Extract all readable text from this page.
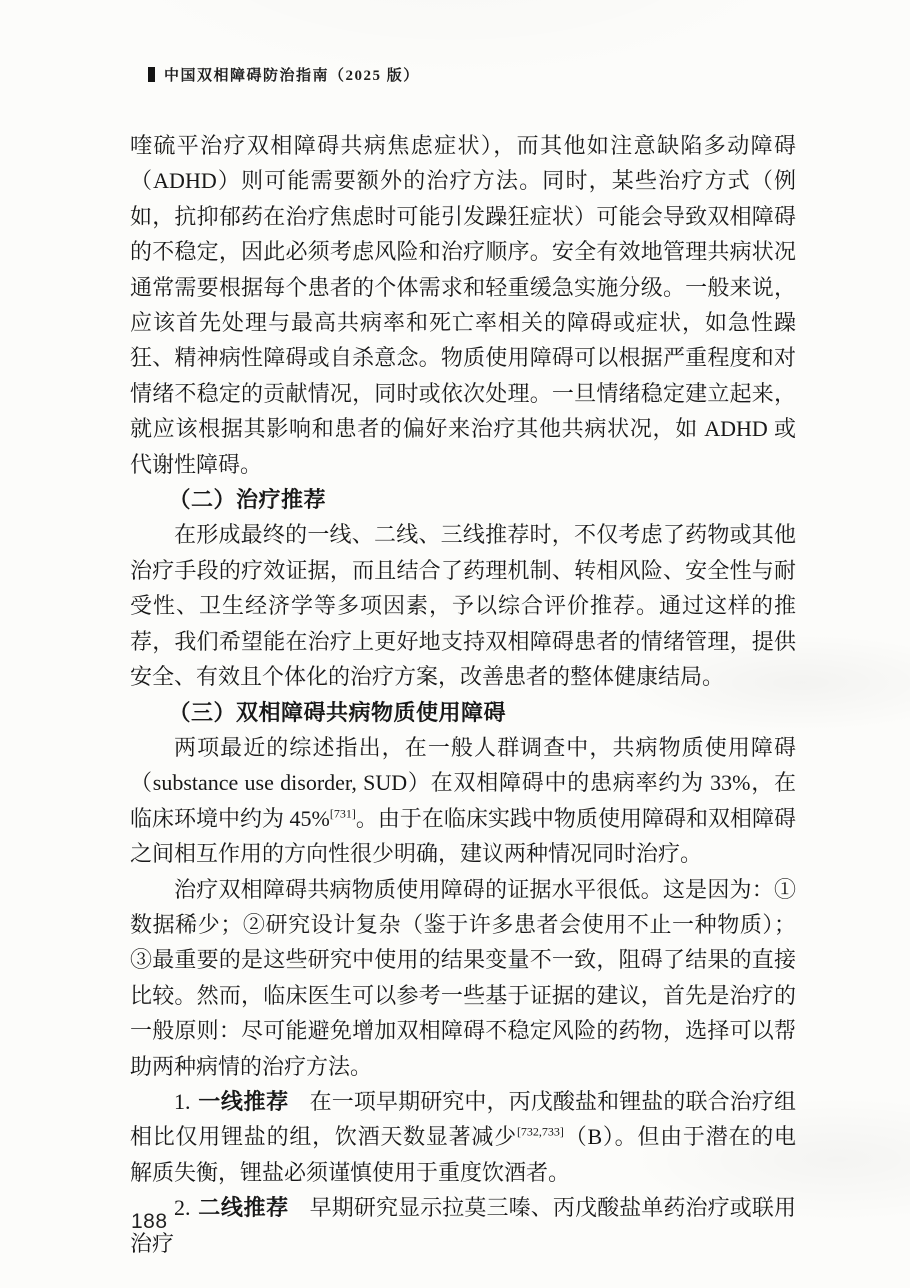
中国双相障碍防治指南（2025 版）

喹硫平治疗双相障碍共病焦虑症状），而其他如注意缺陷多动障碍（ADHD）则可能需要额外的治疗方法。同时，某些治疗方式（例如，抗抑郁药在治疗焦虑时可能引发躁狂症状）可能会导致双相障碍的不稳定，因此必须考虑风险和治疗顺序。安全有效地管理共病状况通常需要根据每个患者的个体需求和轻重缓急实施分级。一般来说，应该首先处理与最高共病率和死亡率相关的障碍或症状，如急性躁狂、精神病性障碍或自杀意念。物质使用障碍可以根据严重程度和对情绪不稳定的贡献情况，同时或依次处理。一旦情绪稳定建立起来，就应该根据其影响和患者的偏好来治疗其他共病状况，如 ADHD 或代谢性障碍。

（二）治疗推荐

在形成最终的一线、二线、三线推荐时，不仅考虑了药物或其他治疗手段的疗效证据，而且结合了药理机制、转相风险、安全性与耐受性、卫生经济学等多项因素，予以综合评价推荐。通过这样的推荐，我们希望能在治疗上更好地支持双相障碍患者的情绪管理，提供安全、有效且个体化的治疗方案，改善患者的整体健康结局。

（三）双相障碍共病物质使用障碍

两项最近的综述指出，在一般人群调查中，共病物质使用障碍（substance use disorder, SUD）在双相障碍中的患病率约为 33%，在临床环境中约为 45%[731]。由于在临床实践中物质使用障碍和双相障碍之间相互作用的方向性很少明确，建议两种情况同时治疗。

治疗双相障碍共病物质使用障碍的证据水平很低。这是因为：①数据稀少；②研究设计复杂（鉴于许多患者会使用不止一种物质）；③最重要的是这些研究中使用的结果变量不一致，阻碍了结果的直接比较。然而，临床医生可以参考一些基于证据的建议，首先是治疗的一般原则：尽可能避免增加双相障碍不稳定风险的药物，选择可以帮助两种病情的治疗方法。

1. 一线推荐 在一项早期研究中，丙戊酸盐和锂盐的联合治疗组相比仅用锂盐的组，饮酒天数显著减少[732,733]（B）。但由于潜在的电解质失衡，锂盐必须谨慎使用于重度饮酒者。

2. 二线推荐 早期研究显示拉莫三嗪、丙戊酸盐单药治疗或联用治疗

188
